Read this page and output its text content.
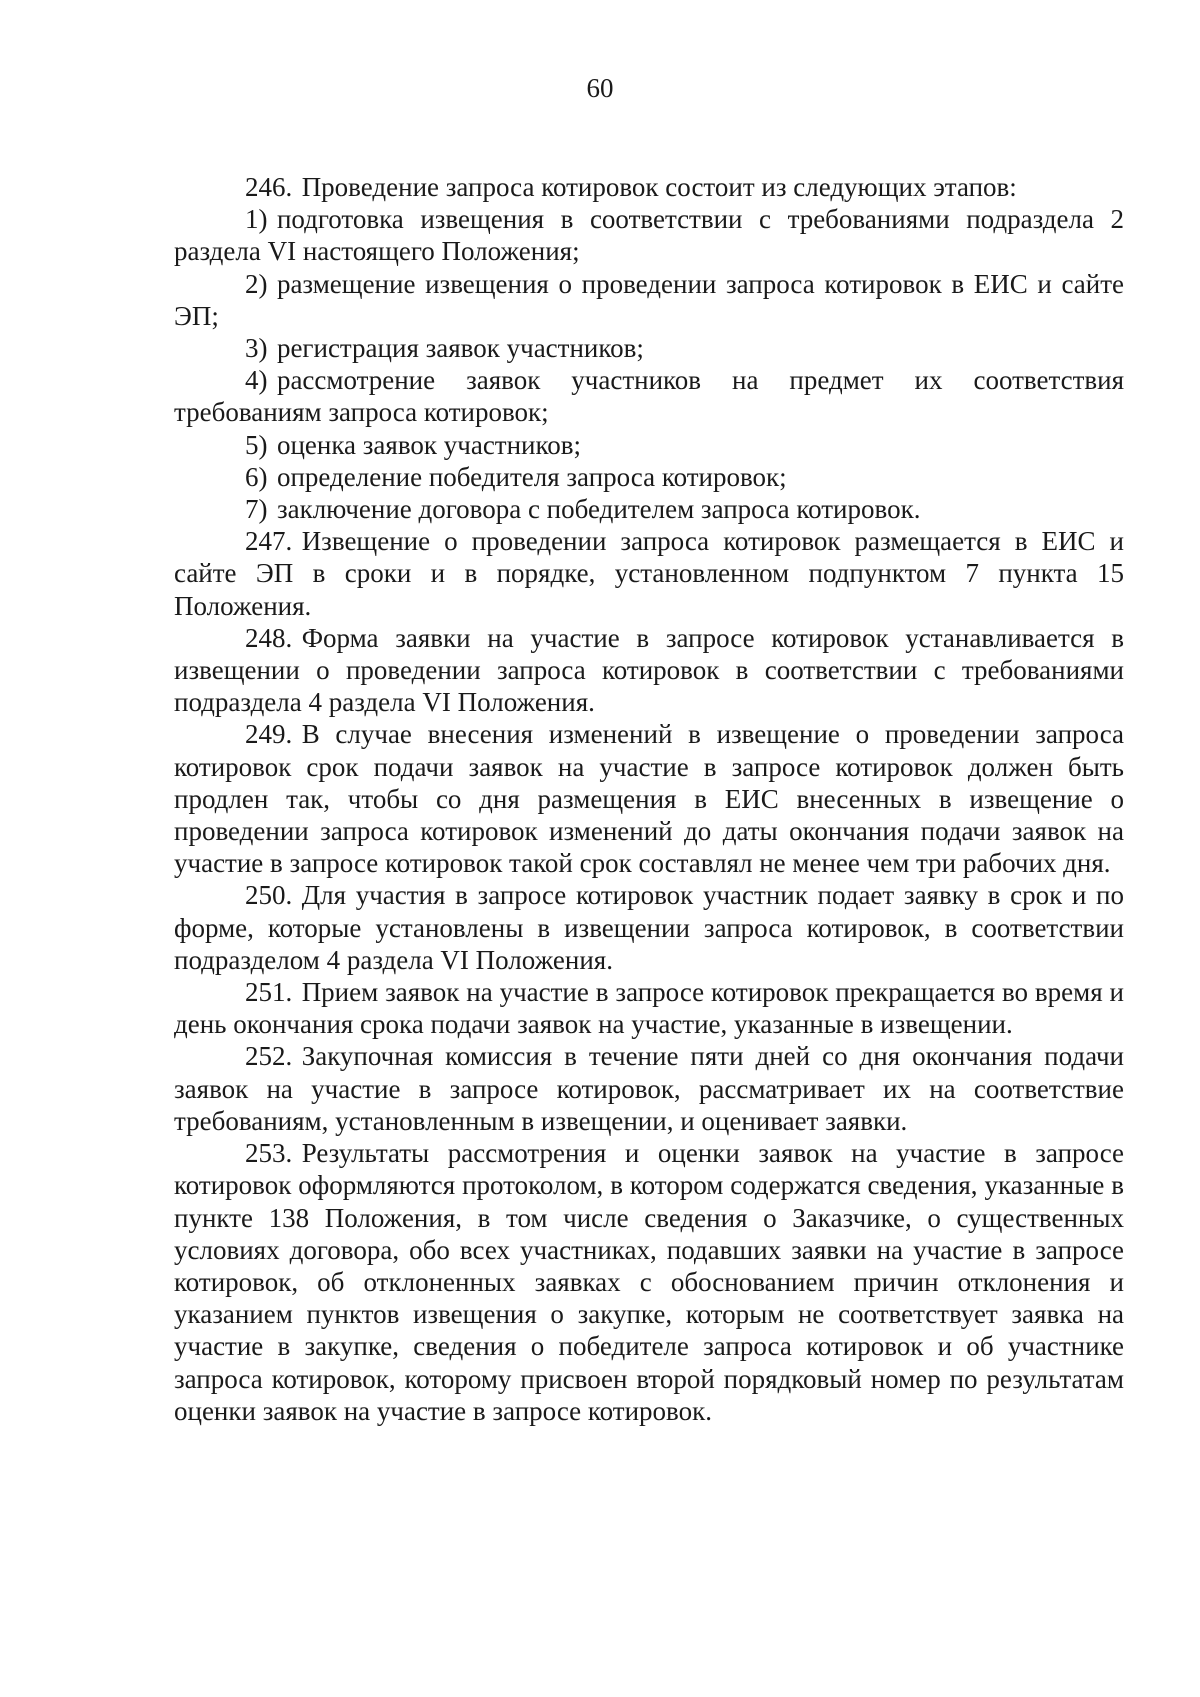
60

246. Проведение запроса котировок состоит из следующих этапов:

1) подготовка извещения в соответствии с требованиями подраздела 2 раздела VI настоящего Положения;

2) размещение извещения о проведении запроса котировок в ЕИС и сайте ЭП;

3) регистрация заявок участников;

4) рассмотрение заявок участников на предмет их соответствия требованиям запроса котировок;

5) оценка заявок участников;

6) определение победителя запроса котировок;

7) заключение договора с победителем запроса котировок.

247. Извещение о проведении запроса котировок размещается в ЕИС и сайте ЭП в сроки и в порядке, установленном подпунктом 7 пункта 15 Положения.

248. Форма заявки на участие в запросе котировок устанавливается в извещении о проведении запроса котировок в соответствии с требованиями подраздела 4 раздела VI Положения.

249. В случае внесения изменений в извещение о проведении запроса котировок срок подачи заявок на участие в запросе котировок должен быть продлен так, чтобы со дня размещения в ЕИС внесенных в извещение о проведении запроса котировок изменений до даты окончания подачи заявок на участие в запросе котировок такой срок составлял не менее чем три рабочих дня.

250. Для участия в запросе котировок участник подает заявку в срок и по форме, которые установлены в извещении запроса котировок, в соответствии подразделом 4 раздела VI Положения.

251. Прием заявок на участие в запросе котировок прекращается во время и день окончания срока подачи заявок на участие, указанные в извещении.

252. Закупочная комиссия в течение пяти дней со дня окончания подачи заявок на участие в запросе котировок, рассматривает их на соответствие требованиям, установленным в извещении, и оценивает заявки.

253. Результаты рассмотрения и оценки заявок на участие в запросе котировок оформляются протоколом, в котором содержатся сведения, указанные в пункте 138 Положения, в том числе сведения о Заказчике, о существенных условиях договора, обо всех участниках, подавших заявки на участие в запросе котировок, об отклоненных заявках с обоснованием причин отклонения и указанием пунктов извещения о закупке, которым не соответствует заявка на участие в закупке, сведения о победителе запроса котировок и об участнике запроса котировок, которому присвоен второй порядковый номер по результатам оценки заявок на участие в запросе котировок.
